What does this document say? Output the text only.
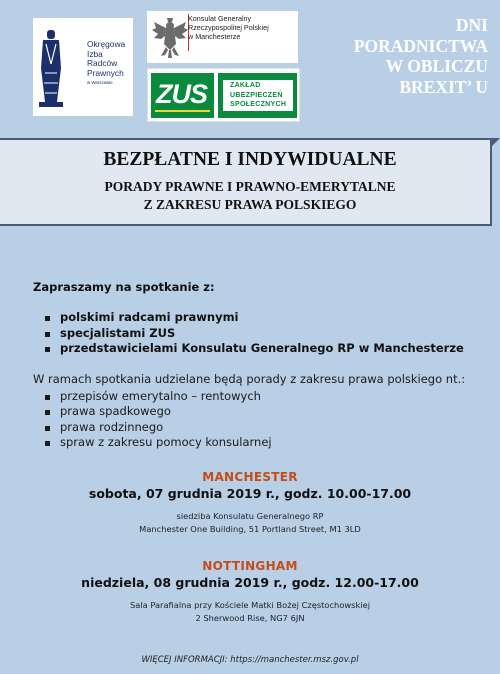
Okręgowa
Izba
Radców
Prawnych
w Warszawie
Konsulat Generalny
Rzeczypospolitej Polskiej
w Manchesterze
ZUS	ZAKŁAD
UBEZPIECZEŃ
SPOŁECZNYCH
DNI
PORADNICTWA
W OBLICZU
BREXIT’ U
BEZPŁATNE I INDYWIDUALNE
PORADY PRAWNE I PRAWNO-EMERYTALNE
Z ZAKRESU PRAWA POLSKIEGO
Zapraszamy na spotkanie z:
polskimi radcami prawnymi
specjalistami ZUS
przedstawicielami Konsulatu Generalnego RP w Manchesterze
W ramach spotkania udzielane będą porady z zakresu prawa polskiego nt.:
przepisów emerytalno – rentowych
prawa spadkowego
prawa rodzinnego
spraw z zakresu pomocy konsularnej
MANCHESTER
sobota, 07 grudnia 2019 r., godz. 10.00-17.00
siedziba Konsulatu Generalnego RP
Manchester One Building, 51 Portland Street, M1 3LD
NOTTINGHAM
niedziela, 08 grudnia 2019 r., godz. 12.00-17.00
Sala Parafialna przy Kościele Matki Bożej Częstochowskiej
2 Sherwood Rise, NG7 6JN
WIĘCEJ INFORMACJI: https://manchester.msz.gov.pl
